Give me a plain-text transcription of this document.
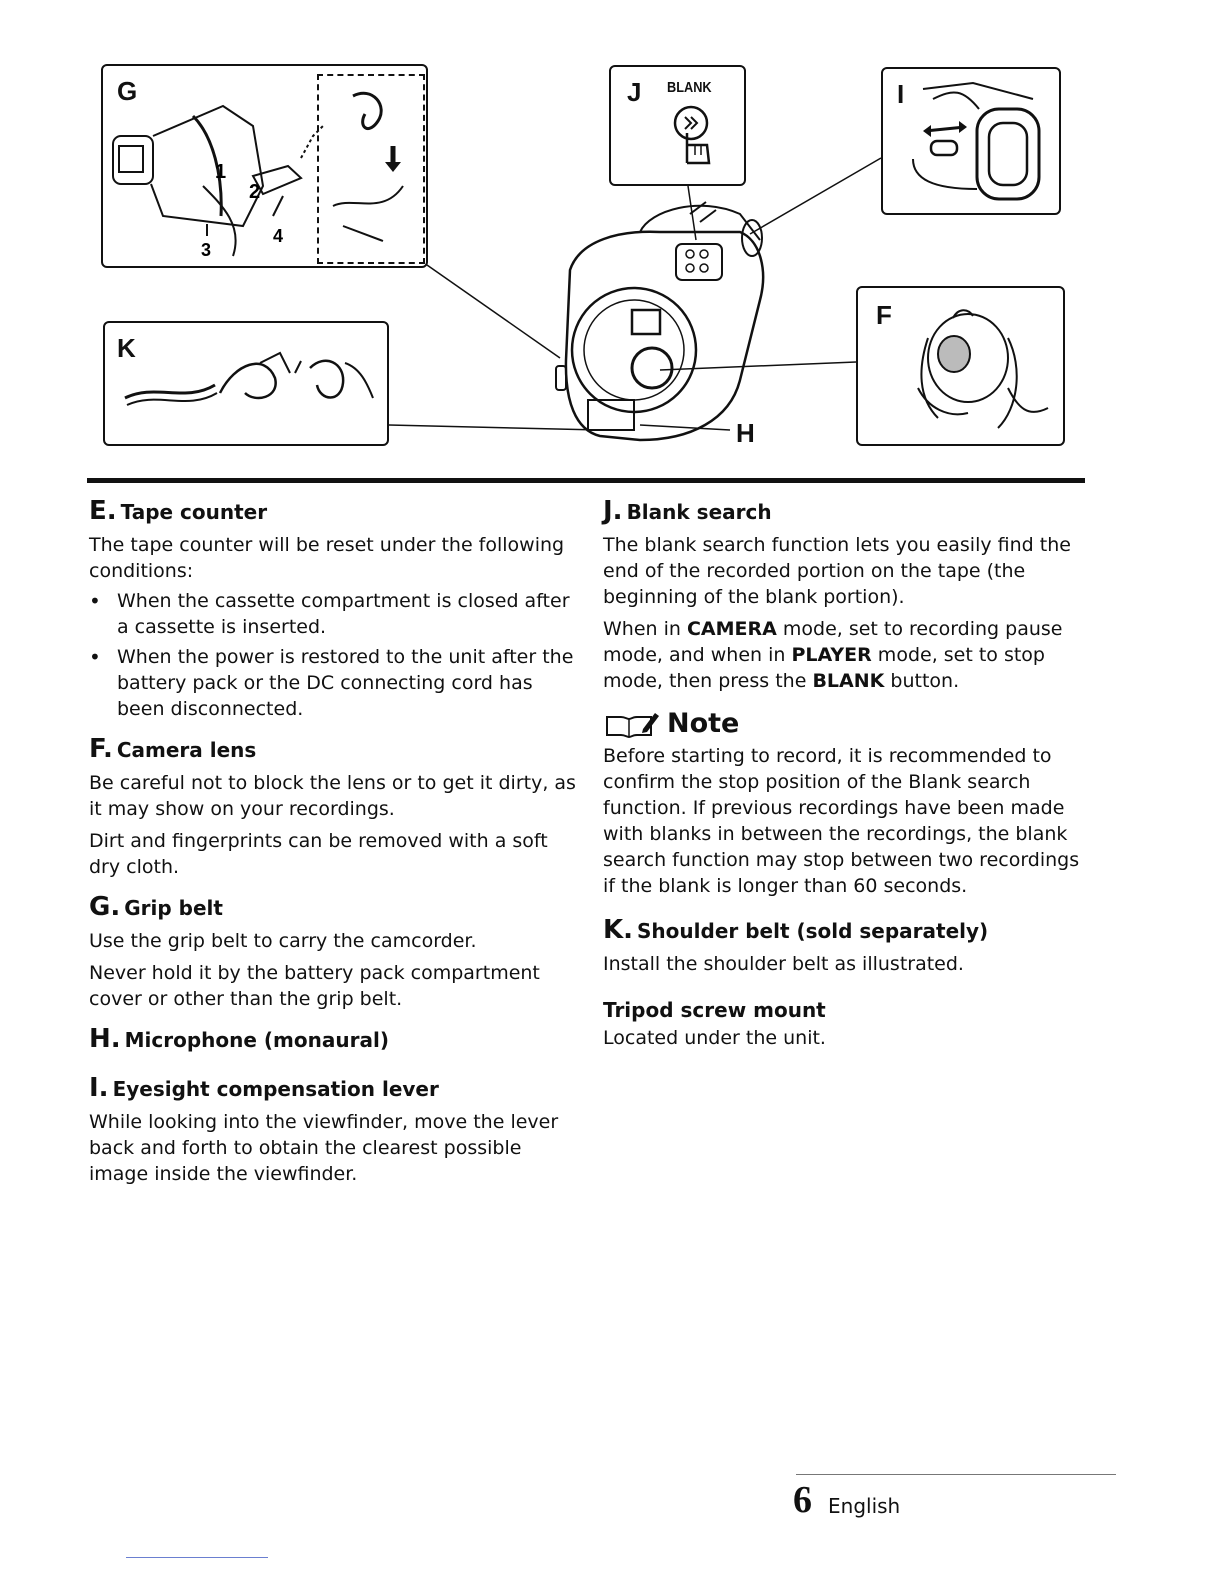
G
1
2
3
4
K
J BLANK	I
F
H
E. Tape counter

The tape counter will be reset under the following conditions:

• When the cassette compartment is closed after a cassette is inserted.
• When the power is restored to the unit after the battery pack or the DC connecting cord has been disconnected.
F. Camera lens

Be careful not to block the lens or to get it dirty, as it may show on your recordings.

Dirt and fingerprints can be removed with a soft dry cloth.

G. Grip belt

Use the grip belt to carry the camcorder.

Never hold it by the battery pack compartment cover or other than the grip belt.

H. Microphone (monaural)
I. Eyesight compensation lever

While looking into the viewfinder, move the lever back and forth to obtain the clearest possible image inside the viewfinder.

J. Blank search

The blank search function lets you easily find the end of the recorded portion on the tape (the beginning of the blank portion).

When in CAMERA mode, set to recording pause mode, and when in PLAYER mode, set to stop mode, then press the BLANK button.

Note

Before starting to record, it is recommended to confirm the stop position of the Blank search function. If previous recordings have been made with blanks in between the recordings, the blank search function may stop between two recordings if the blank is longer than 60 seconds.

K. Shoulder belt (sold separately)

Install the shoulder belt as illustrated.

Tripod screw mount

Located under the unit.

6 English
